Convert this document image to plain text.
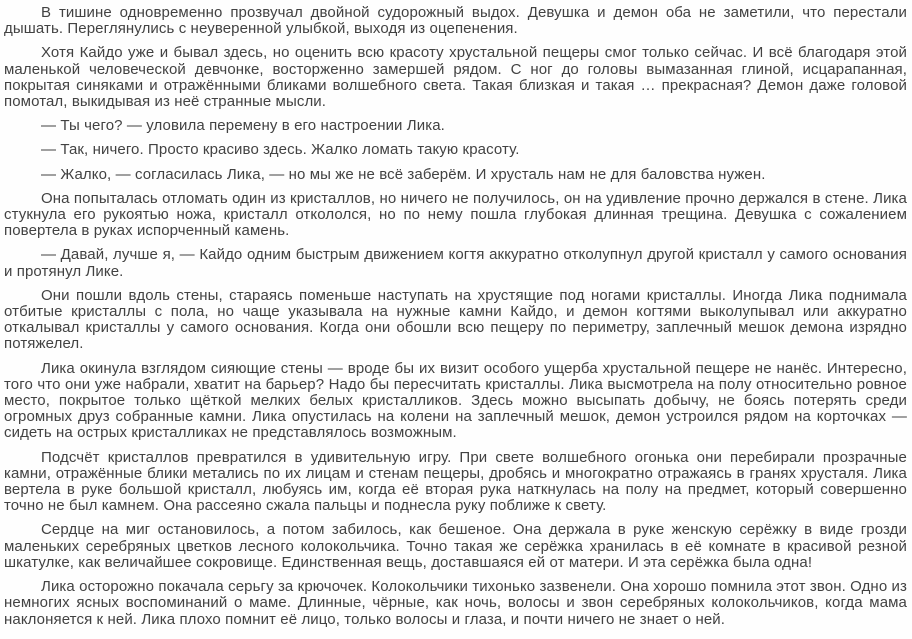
В тишине одновременно прозвучал двойной судорожный выдох. Девушка и демон оба не заметили, что перестали дышать. Переглянулись с неуверенной улыбкой, выходя из оцепенения.

Хотя Кайдо уже и бывал здесь, но оценить всю красоту хрустальной пещеры смог только сейчас. И всё благодаря этой маленькой человеческой девчонке, восторженно замершей рядом. С ног до головы вымазанная глиной, исцарапанная, покрытая синяками и отражёнными бликами волшебного света. Такая близкая и такая … прекрасная? Демон даже головой помотал, выкидывая из неё странные мысли.

— Ты чего? — уловила перемену в его настроении Лика.

— Так, ничего. Просто красиво здесь. Жалко ломать такую красоту.

— Жалко, — согласилась Лика, — но мы же не всё заберём. И хрусталь нам не для баловства нужен.

Она попыталась отломать один из кристаллов, но ничего не получилось, он на удивление прочно держался в стене. Лика стукнула его рукоятью ножа, кристалл откололся, но по нему пошла глубокая длинная трещина. Девушка с сожалением повертела в руках испорченный камень.

— Давай, лучше я, — Кайдо одним быстрым движением когтя аккуратно отколупнул другой кристалл у самого основания и протянул Лике.

Они пошли вдоль стены, стараясь поменьше наступать на хрустящие под ногами кристаллы. Иногда Лика поднимала отбитые кристаллы с пола, но чаще указывала на нужные камни Кайдо, и демон когтями выколупывал или аккуратно откалывал кристаллы у самого основания. Когда они обошли всю пещеру по периметру, заплечный мешок демона изрядно потяжелел.

Лика окинула взглядом сияющие стены — вроде бы их визит особого ущерба хрустальной пещере не нанёс. Интересно, того что они уже набрали, хватит на барьер? Надо бы пересчитать кристаллы. Лика высмотрела на полу относительно ровное место, покрытое только щёткой мелких белых кристалликов. Здесь можно высыпать добычу, не боясь потерять среди огромных друз собранные камни. Лика опустилась на колени на заплечный мешок, демон устроился рядом на корточках — сидеть на острых кристалликах не представлялось возможным.

Подсчёт кристаллов превратился в удивительную игру. При свете волшебного огонька они перебирали прозрачные камни, отражённые блики метались по их лицам и стенам пещеры, дробясь и многократно отражаясь в гранях хрусталя. Лика вертела в руке большой кристалл, любуясь им, когда её вторая рука наткнулась на полу на предмет, который совершенно точно не был камнем. Она рассеяно сжала пальцы и поднесла руку поближе к свету.

Сердце на миг остановилось, а потом забилось, как бешеное. Она держала в руке женскую серёжку в виде грозди маленьких серебряных цветков лесного колокольчика. Точно такая же серёжка хранилась в её комнате в красивой резной шкатулке, как величайшее сокровище. Единственная вещь, доставшаяся ей от матери. И эта серёжка была одна!

Лика осторожно покачала серьгу за крючочек. Колокольчики тихонько зазвенели. Она хорошо помнила этот звон. Одно из немногих ясных воспоминаний о маме. Длинные, чёрные, как ночь, волосы и звон серебряных колокольчиков, когда мама наклоняется к ней. Лика плохо помнит её лицо, только волосы и глаза, и почти ничего не знает о ней.
